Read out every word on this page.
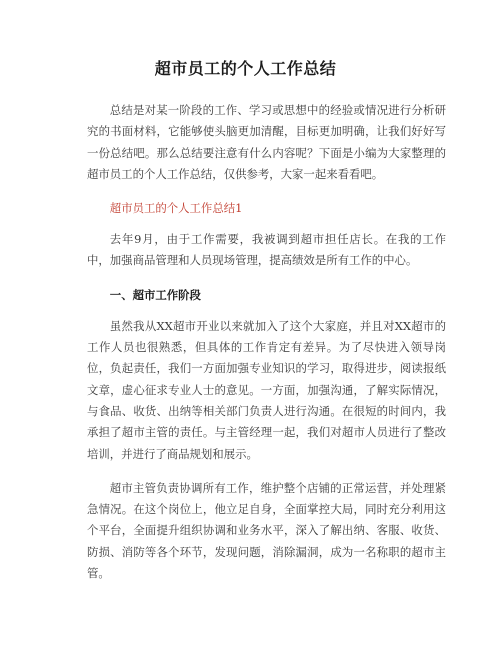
超市员工的个人工作总结

总结是对某一阶段的工作、学习或思想中的经验或情况进行分析研究的书面材料，它能够使头脑更加清醒，目标更加明确，让我们好好写一份总结吧。那么总结要注意有什么内容呢？下面是小编为大家整理的超市员工的个人工作总结，仅供参考，大家一起来看看吧。

超市员工的个人工作总结1

去年9月，由于工作需要，我被调到超市担任店长。在我的工作中，加强商品管理和人员现场管理，提高绩效是所有工作的中心。

一、超市工作阶段

虽然我从XX超市开业以来就加入了这个大家庭，并且对XX超市的工作人员也很熟悉，但具体的工作肯定有差异。为了尽快进入领导岗位，负起责任，我们一方面加强专业知识的学习，取得进步，阅读报纸文章，虚心征求专业人士的意见。一方面，加强沟通，了解实际情况，与食品、收货、出纳等相关部门负责人进行沟通。在很短的时间内，我承担了超市主管的责任。与主管经理一起，我们对超市人员进行了整改培训，并进行了商品规划和展示。

超市主管负责协调所有工作，维护整个店铺的正常运营，并处理紧急情况。在这个岗位上，他立足自身，全面掌控大局，同时充分利用这个平台，全面提升组织协调和业务水平，深入了解出纳、客服、收货、防损、消防等各个环节，发现问题，消除漏洞，成为一名称职的超市主管。
